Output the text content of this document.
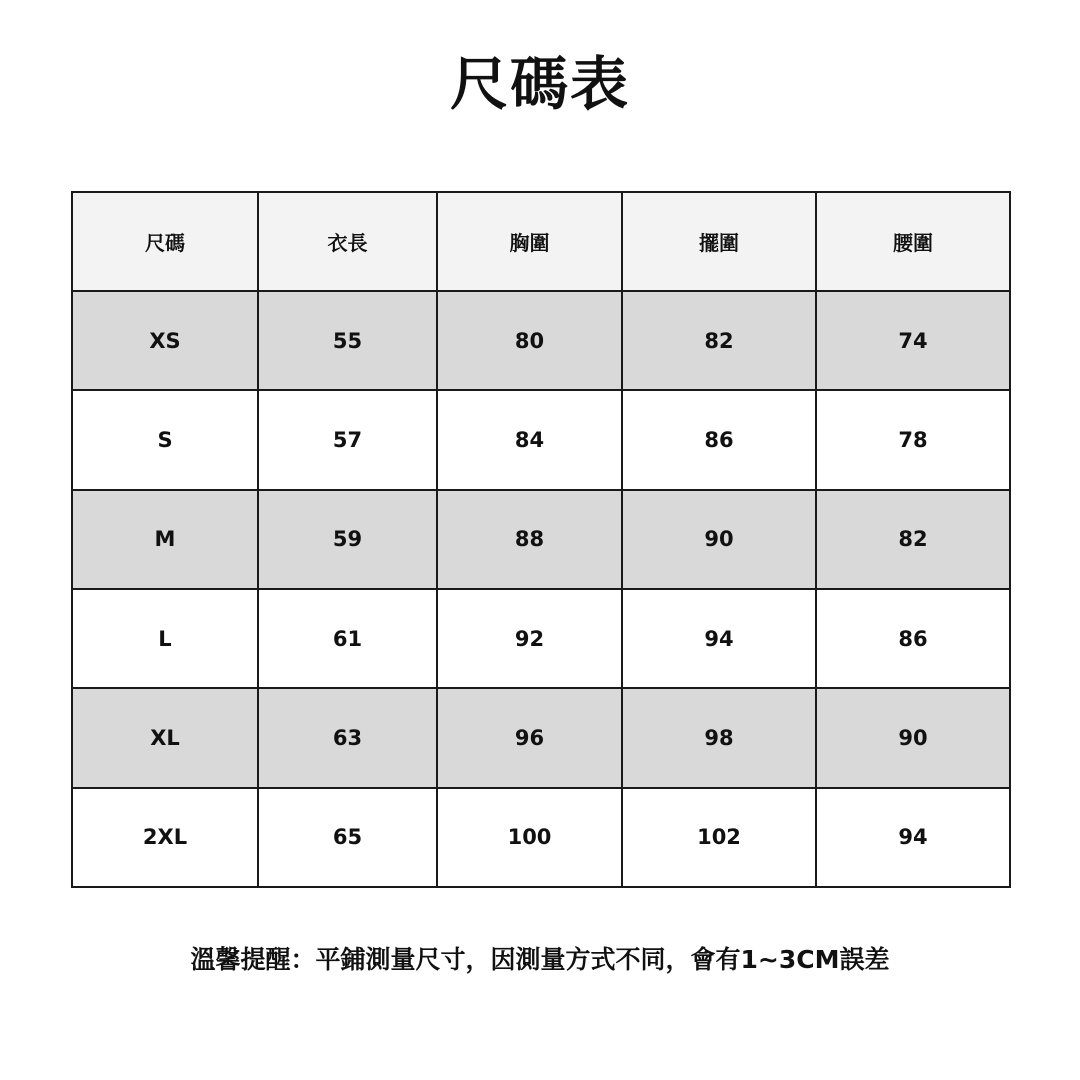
尺碼表
尺碼	衣長	胸圍	擺圍	腰圍
XS	55	80	82	74
S	57	84	86	78
M	59	88	90	82
L	61	92	94	86
XL	63	96	98	90
2XL	65	100	102	94
溫馨提醒：平鋪測量尺寸，因測量方式不同，會有1~3CM誤差
